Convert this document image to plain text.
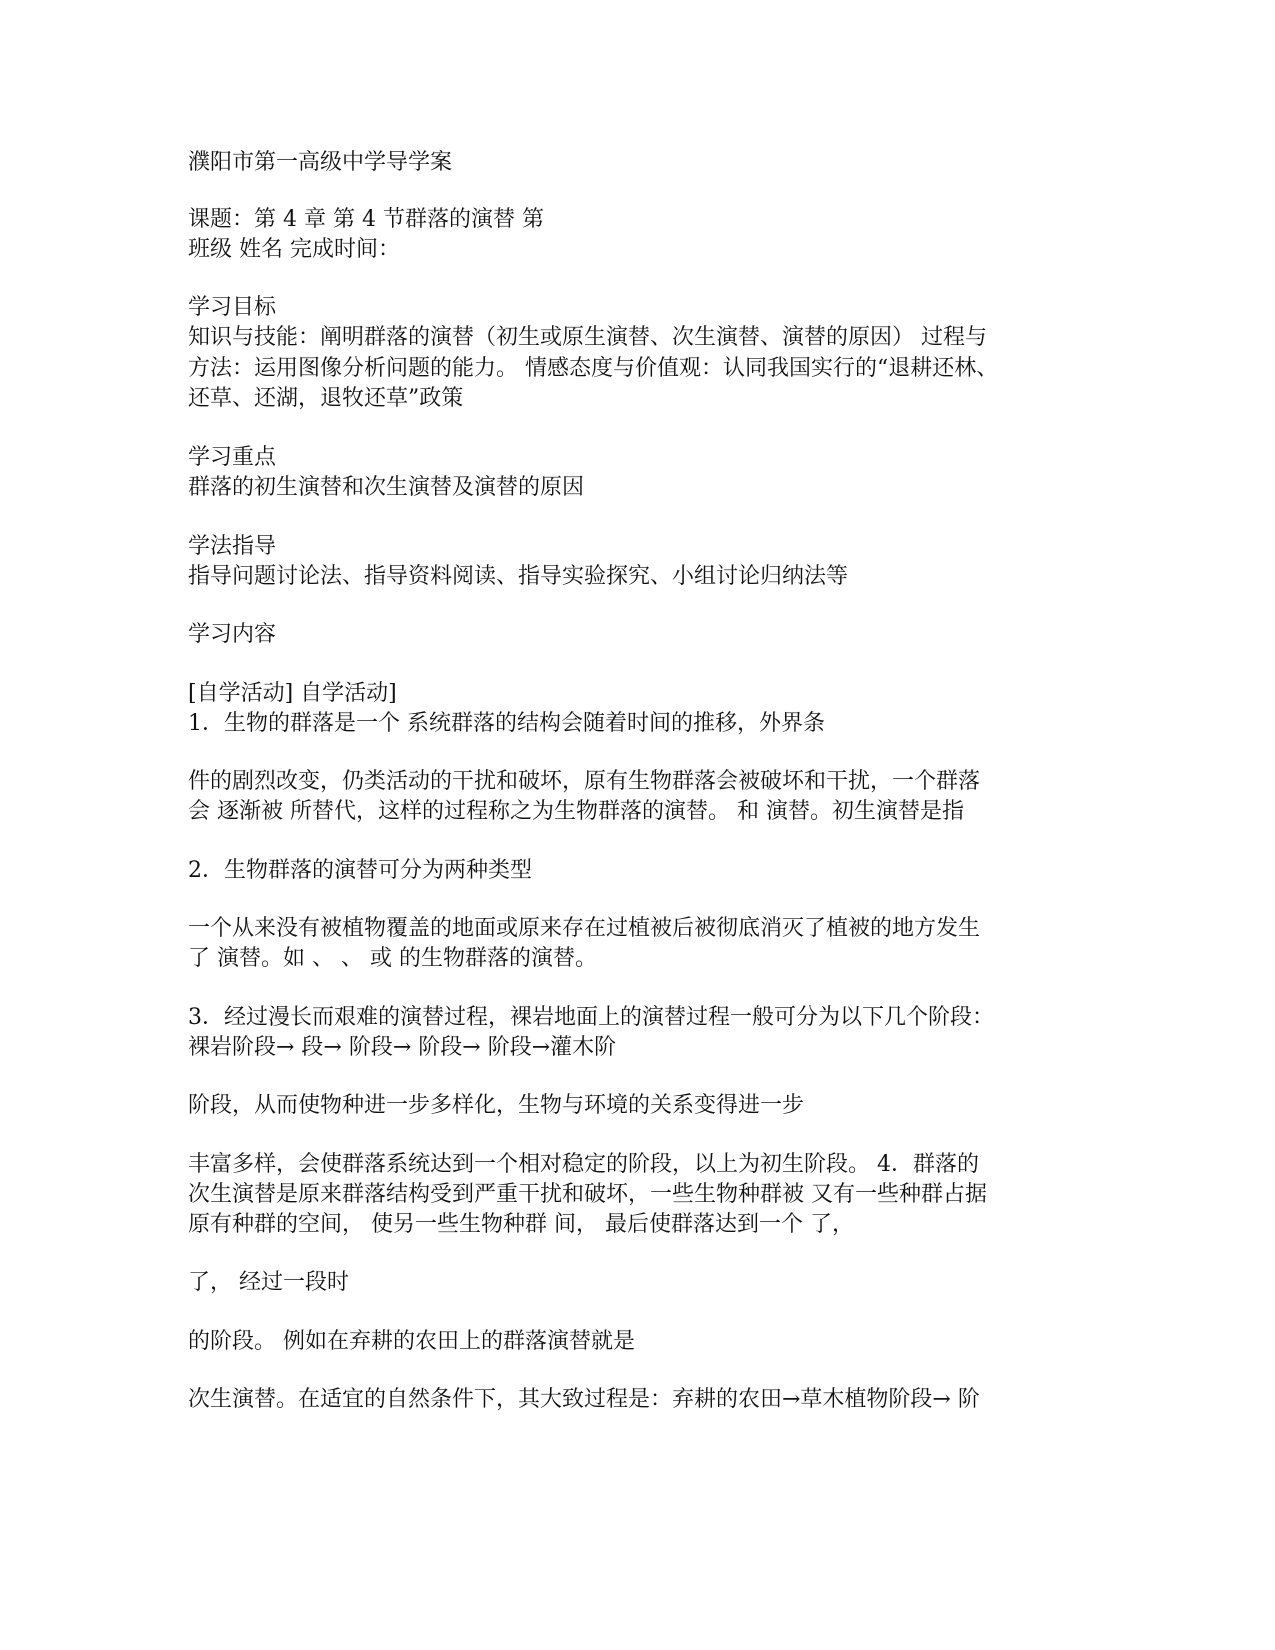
濮阳市第一高级中学导学案
课题：第 4 章 第 4 节群落的演替 第
班级 姓名 完成时间：
学习目标
知识与技能：阐明群落的演替（初生或原生演替、次生演替、演替的原因） 过程与
方法：运用图像分析问题的能力。 情感态度与价值观：认同我国实行的“退耕还林、
还草、还湖，退牧还草”政策
学习重点
群落的初生演替和次生演替及演替的原因
学法指导
指导问题讨论法、指导资料阅读、指导实验探究、小组讨论归纳法等
学习内容
[自学活动] 自学活动]
1．生物的群落是一个 系统群落的结构会随着时间的推移，外界条
件的剧烈改变，仍类活动的干扰和破坏，原有生物群落会被破坏和干扰，一个群落
会 逐渐被 所替代，这样的过程称之为生物群落的演替。 和 演替。初生演替是指
2．生物群落的演替可分为两种类型
一个从来没有被植物覆盖的地面或原来存在过植被后被彻底消灭了植被的地方发生
了 演替。如 、 、 或 的生物群落的演替。
3．经过漫长而艰难的演替过程，裸岩地面上的演替过程一般可分为以下几个阶段：
裸岩阶段→ 段→ 阶段→ 阶段→ 阶段→灌木阶
阶段，从而使物种进一步多样化，生物与环境的关系变得进一步
丰富多样，会使群落系统达到一个相对稳定的阶段，以上为初生阶段。 4．群落的
次生演替是原来群落结构受到严重干扰和破坏，一些生物种群被 又有一些种群占据
原有种群的空间， 使另一些生物种群 间， 最后使群落达到一个 了，
了， 经过一段时
的阶段。 例如在弃耕的农田上的群落演替就是
次生演替。在适宜的自然条件下，其大致过程是：弃耕的农田→草木植物阶段→ 阶
